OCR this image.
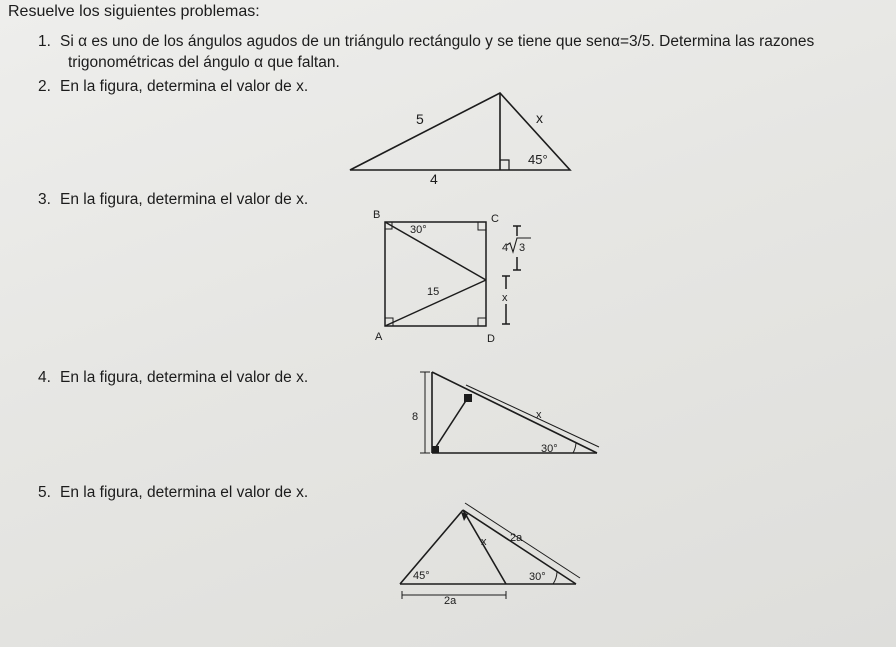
Resuelve los siguientes problemas:
1. Si α es uno de los ángulos agudos de un triángulo rectángulo y se tiene que senα=3/5. Determina las razones
trigonométricas del ángulo α que faltan.
2. En la figura, determina el valor de x.
3. En la figura, determina el valor de x.
4. En la figura, determina el valor de x.
5. En la figura, determina el valor de x.
5	x
45°
4
B	C
A	D
30°
15
4 3
x
8	x
30°
45°	30°
x 2a
2a
